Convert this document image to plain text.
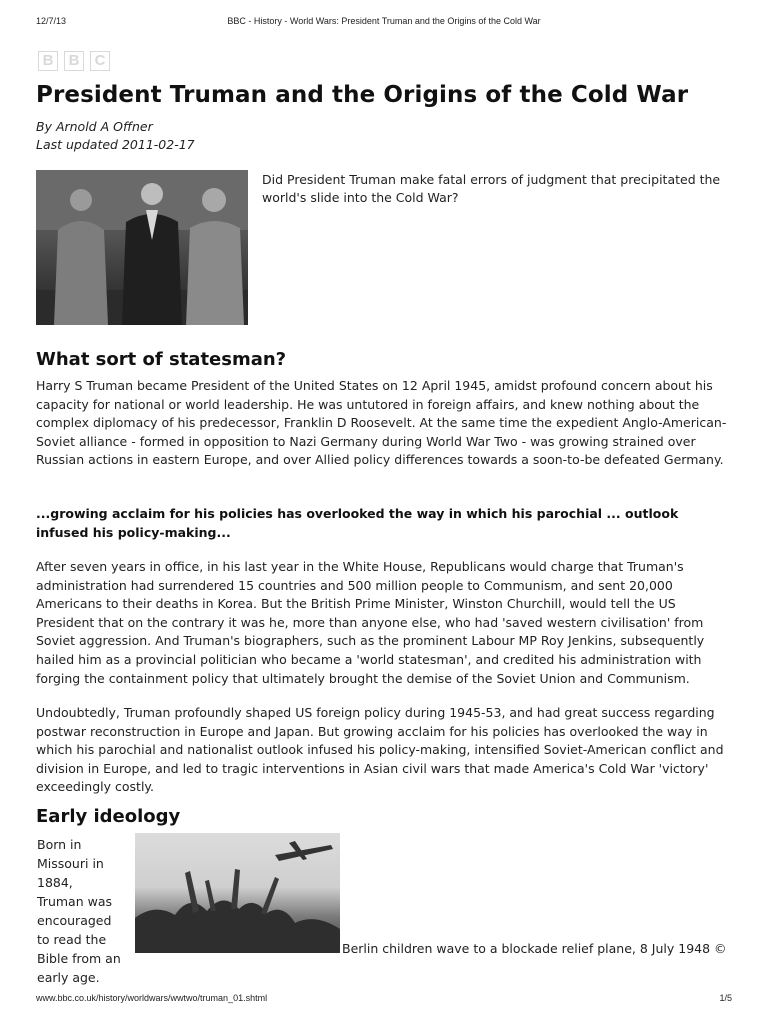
12/7/13	BBC - History - World Wars: President Truman and the Origins of the Cold War
B	B	C
President Truman and the Origins of the Cold War
By Arnold A Offner
Last updated 2011-02-17

Did President Truman make fatal errors of judgment that precipitated the world's slide into the Cold War?

What sort of statesman?

Harry S Truman became President of the United States on 12 April 1945, amidst profound concern about his capacity for national or world leadership. He was untutored in foreign affairs, and knew nothing about the complex diplomacy of his predecessor, Franklin D Roosevelt. At the same time the expedient Anglo-American-Soviet alliance - formed in opposition to Nazi Germany during World War Two - was growing strained over Russian actions in eastern Europe, and over Allied policy differences towards a soon-to-be defeated Germany.

...growing acclaim for his policies has overlooked the way in which his parochial ... outlook infused his policy-making...

After seven years in office, in his last year in the White House, Republicans would charge that Truman's administration had surrendered 15 countries and 500 million people to Communism, and sent 20,000 Americans to their deaths in Korea. But the British Prime Minister, Winston Churchill, would tell the US President that on the contrary it was he, more than anyone else, who had 'saved western civilisation' from Soviet aggression. And Truman's biographers, such as the prominent Labour MP Roy Jenkins, subsequently hailed him as a provincial politician who became a 'world statesman', and credited his administration with forging the containment policy that ultimately brought the demise of the Soviet Union and Communism.

Undoubtedly, Truman profoundly shaped US foreign policy during 1945-53, and had great success regarding postwar reconstruction in Europe and Japan. But growing acclaim for his policies has overlooked the way in which his parochial and nationalist outlook infused his policy-making, intensified Soviet-American conflict and division in Europe, and led to tragic interventions in Asian civil wars that made America's Cold War 'victory' exceedingly costly.

Early ideology

Born in Missouri in 1884, Truman was encouraged to read the Bible from an early age.

Berlin children wave to a blockade relief plane, 8 July 1948 ©
www.bbc.co.uk/history/worldwars/wwtwo/truman_01.shtml	1/5
